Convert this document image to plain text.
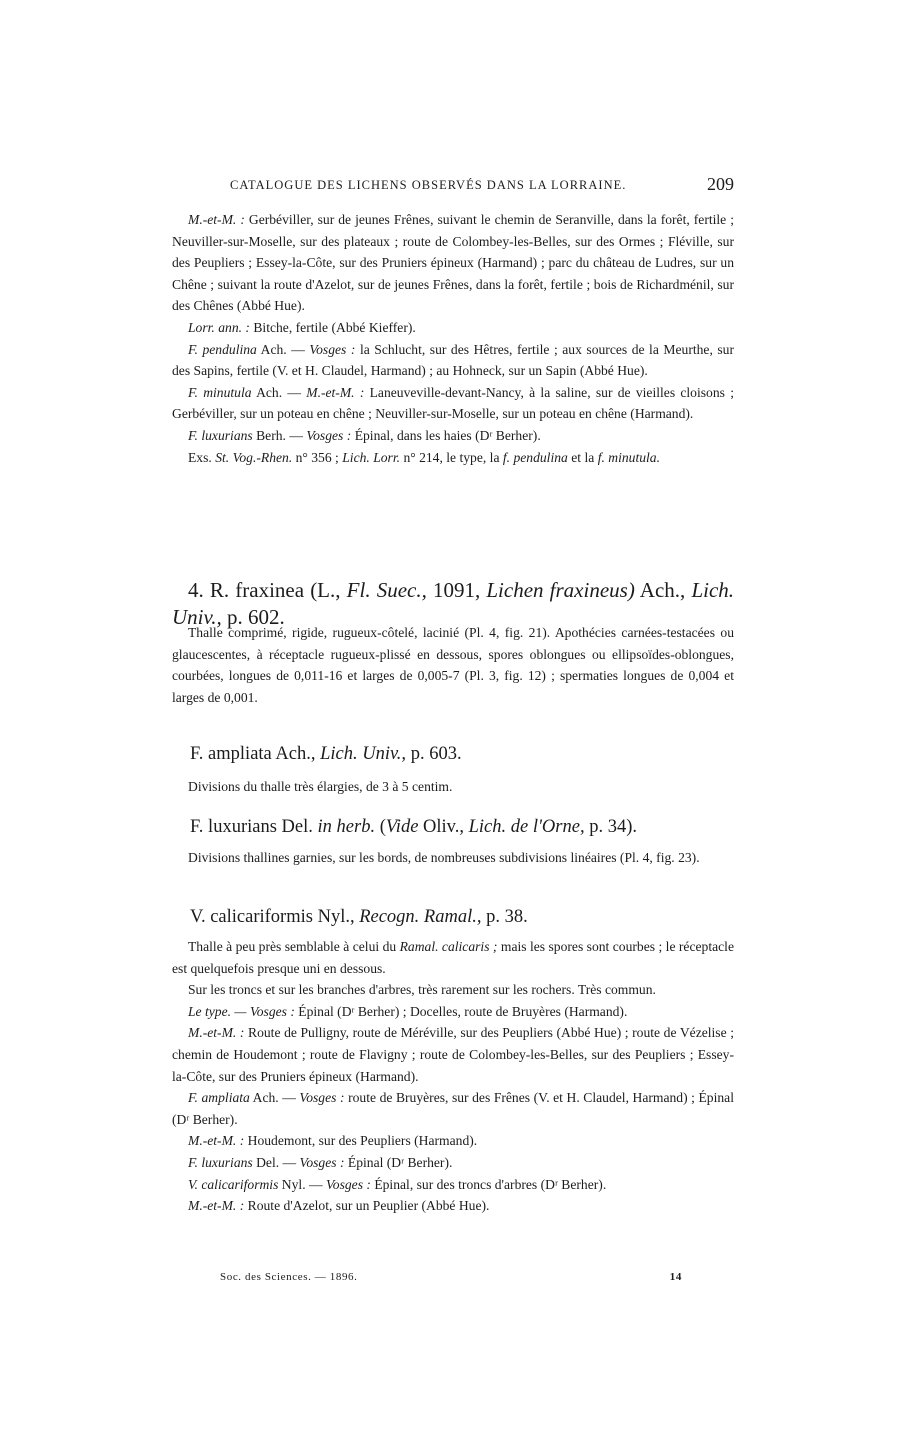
CATALOGUE DES LICHENS OBSERVÉS DANS LA LORRAINE.	209

M.-et-M. : Gerbéviller, sur de jeunes Frênes, suivant le chemin de Seranville, dans la forêt, fertile ; Neuviller-sur-Moselle, sur des plateaux ; route de Colombey-les-Belles, sur des Ormes ; Fléville, sur des Peupliers ; Essey-la-Côte, sur des Pruniers épineux (Harmand) ; parc du château de Ludres, sur un Chêne ; suivant la route d'Azelot, sur de jeunes Frênes, dans la forêt, fertile ; bois de Richardménil, sur des Chênes (Abbé Hue).

Lorr. ann. : Bitche, fertile (Abbé Kieffer).

F. pendulina Ach. — Vosges : la Schlucht, sur des Hêtres, fertile ; aux sources de la Meurthe, sur des Sapins, fertile (V. et H. Claudel, Harmand) ; au Hohneck, sur un Sapin (Abbé Hue).

F. minutula Ach. — M.-et-M. : Laneuveville-devant-Nancy, à la saline, sur de vieilles cloisons ; Gerbéviller, sur un poteau en chêne ; Neuviller-sur-Moselle, sur un poteau en chêne (Harmand).

F. luxurians Berh. — Vosges : Épinal, dans les haies (Dʳ Berher).

Exs. St. Vog.-Rhen. n° 356 ; Lich. Lorr. n° 214, le type, la f. pendulina et la f. minutula.

4. R. fraxinea (L., Fl. Suec., 1091, Lichen fraxineus) Ach., Lich. Univ., p. 602.

Thalle comprimé, rigide, rugueux-côtelé, lacinié (Pl. 4, fig. 21). Apothécies carnées-testacées ou glaucescentes, à réceptacle rugueux-plissé en dessous, spores oblongues ou ellipsoïdes-oblongues, courbées, longues de 0,011-16 et larges de 0,005-7 (Pl. 3, fig. 12) ; spermaties longues de 0,004 et larges de 0,001.

F. ampliata Ach., Lich. Univ., p. 603.

Divisions du thalle très élargies, de 3 à 5 centim.

F. luxurians Del. in herb. (Vide Oliv., Lich. de l'Orne, p. 34).

Divisions thallines garnies, sur les bords, de nombreuses subdivisions linéaires (Pl. 4, fig. 23).

V. calicariformis Nyl., Recogn. Ramal., p. 38.

Thalle à peu près semblable à celui du Ramal. calicaris ; mais les spores sont courbes ; le réceptacle est quelquefois presque uni en dessous.

Sur les troncs et sur les branches d'arbres, très rarement sur les rochers. Très commun.

Le type. — Vosges : Épinal (Dʳ Berher) ; Docelles, route de Bruyères (Harmand).

M.-et-M. : Route de Pulligny, route de Méréville, sur des Peupliers (Abbé Hue) ; route de Vézelise ; chemin de Houdemont ; route de Flavigny ; route de Colombey-les-Belles, sur des Peupliers ; Essey-la-Côte, sur des Pruniers épineux (Harmand).

F. ampliata Ach. — Vosges : route de Bruyères, sur des Frênes (V. et H. Claudel, Harmand) ; Épinal (Dʳ Berher).

M.-et-M. : Houdemont, sur des Peupliers (Harmand).

F. luxurians Del. — Vosges : Épinal (Dʳ Berher).

V. calicariformis Nyl. — Vosges : Épinal, sur des troncs d'arbres (Dʳ Berher).

M.-et-M. : Route d'Azelot, sur un Peuplier (Abbé Hue).

Soc. des Sciences. — 1896.	14
